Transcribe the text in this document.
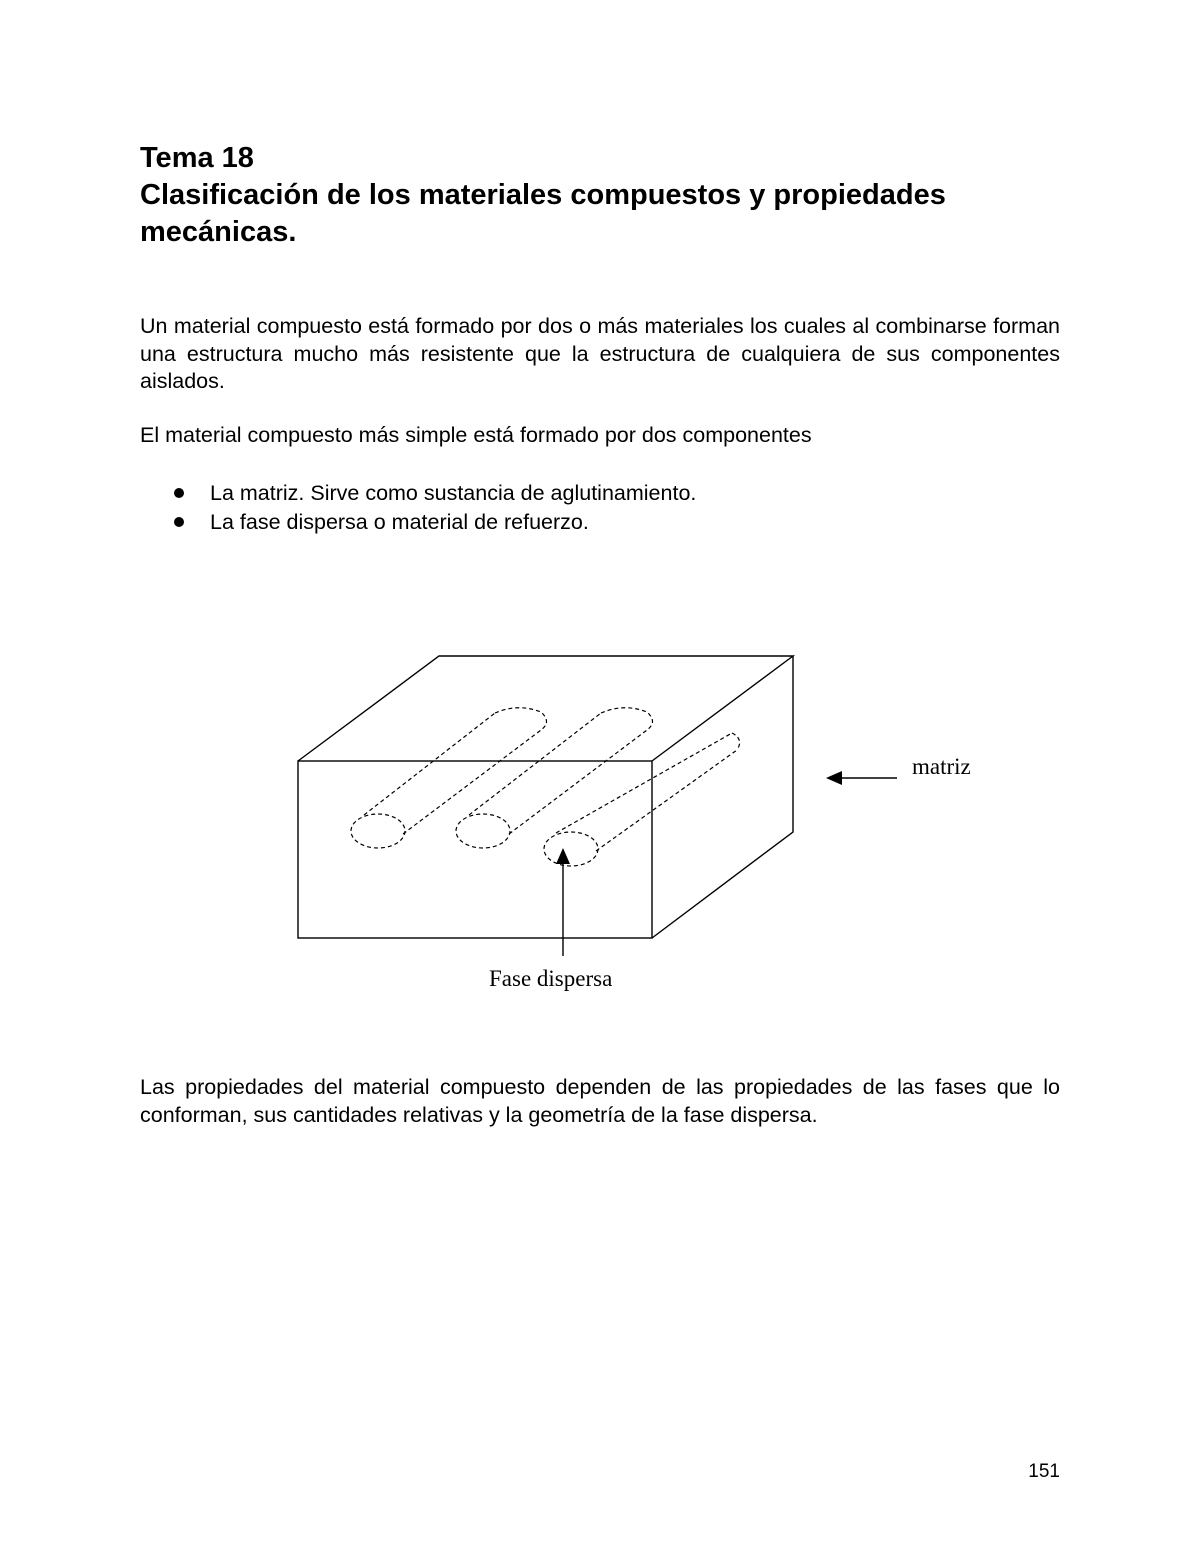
Tema 18
Clasificación de los materiales compuestos y propiedades
mecánicas.

Un material compuesto está formado por dos o más materiales los cuales al combinarse forman una estructura mucho más resistente que la estructura de cualquiera de sus componentes aislados.

El material compuesto más simple está formado por dos componentes

La matriz. Sirve como sustancia de aglutinamiento.
La fase dispersa o material de refuerzo.
matriz
Fase dispersa

Las propiedades del material compuesto dependen de las propiedades de las fases que lo conforman, sus cantidades relativas y la geometría de la fase dispersa.

151
